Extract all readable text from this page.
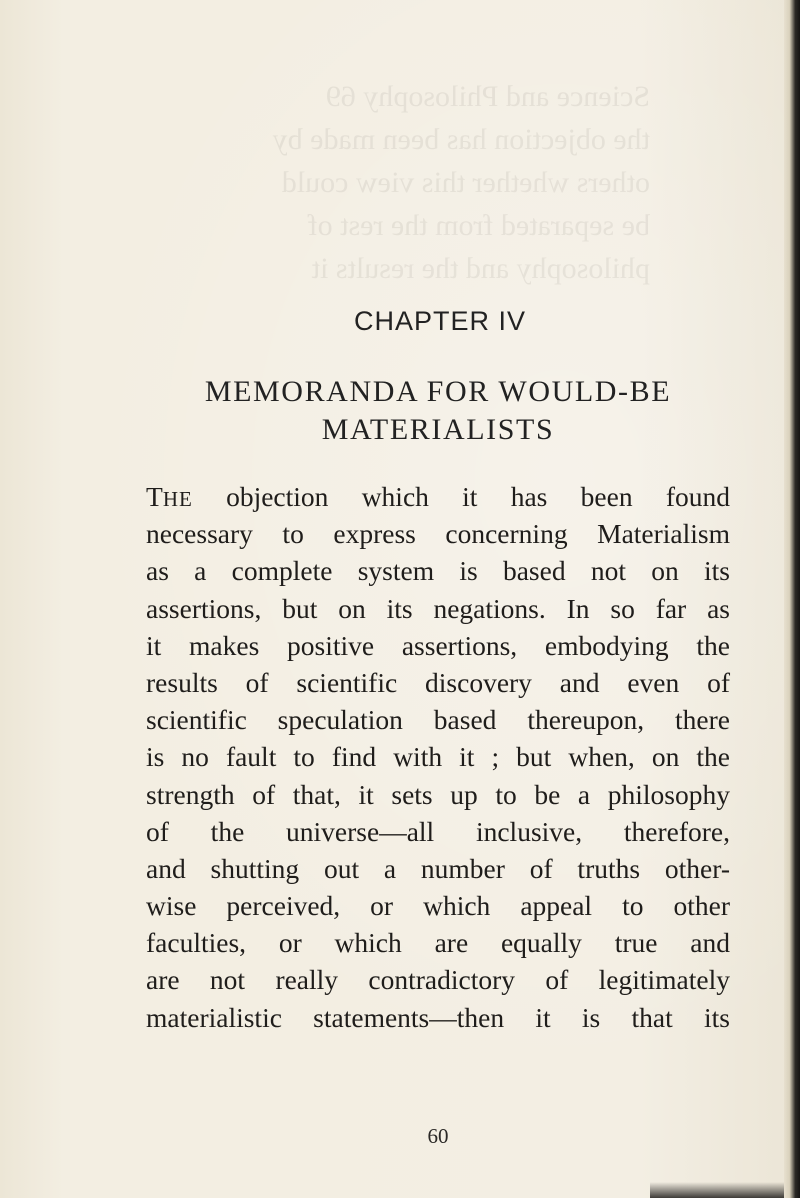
Science and Philosophy 69
the objection has been made by
others whether this view could
be separated from the rest of
philosophy and the results it
CHAPTER IV
MEMORANDA FOR WOULD-BE
MATERIALISTS
THE objection which it has been found
necessary to express concerning Materialism
as a complete system is based not on its
assertions, but on its negations. In so far as
it makes positive assertions, embodying the
results of scientific discovery and even of
scientific speculation based thereupon, there
is no fault to find with it ; but when, on the
strength of that, it sets up to be a philosophy
of the universe—all inclusive, therefore,
and shutting out a number of truths other-
wise perceived, or which appeal to other
faculties, or which are equally true and
are not really contradictory of legitimately
materialistic statements—then it is that its
60
